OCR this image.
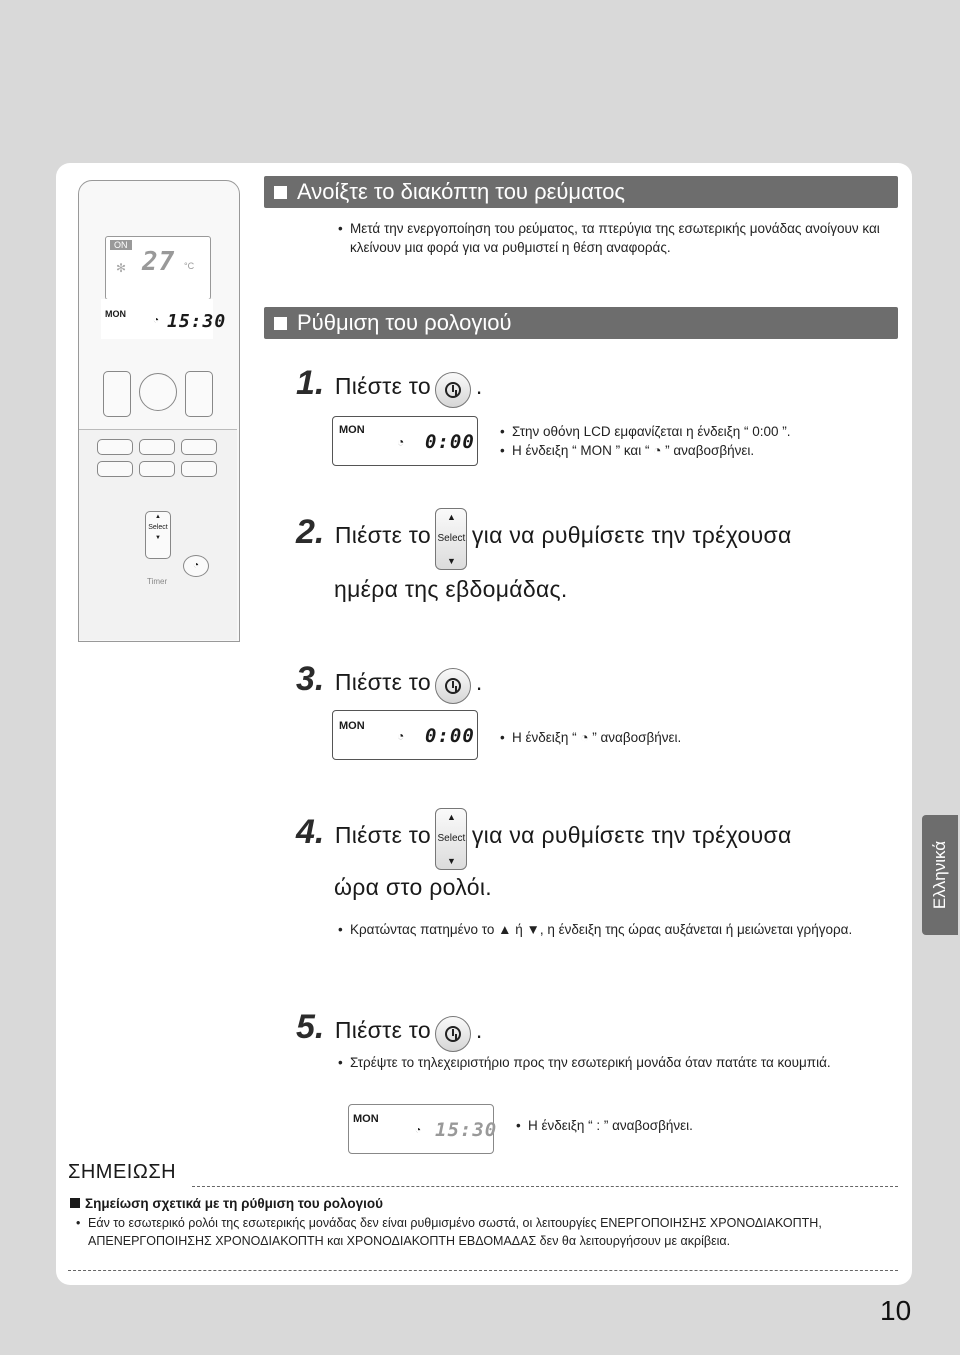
ON
27 °C
✻
MON
◔ 15:30
▲
Select
▼
◔
Timer
Ανοίξτε το διακόπτη του ρεύματος
• Μετά την ενεργοποίηση του ρεύματος, τα πτερύγια της εσωτερικής μονάδας ανοίγουν και κλείνουν μια φορά για να ρυθμιστεί η θέση αναφοράς.
Ρύθμιση του ρολογιού
1. Πιέστε το .
MON
◔ 0:00 • Στην οθόνη LCD εμφανίζεται η ένδειξη “ 0:00 ”.
• Η ένδειξη “ MON ” και “ ◔ ” αναβοσβήνει.
2. Πιέστε το
▲
Select
▼
για να ρυθμίσετε την τρέχουσα
ημέρα της εβδομάδας.
3. Πιέστε το .
MON
◔ 0:00 • Η ένδειξη “ ◔ ” αναβοσβήνει.
4. Πιέστε το
▲
Select
▼
για να ρυθμίσετε την τρέχουσα
ώρα στο ρολόι.
• Κρατώντας πατημένο το ▲ ή ▼, η ένδειξη της ώρας αυξάνεται ή μειώνεται γρήγορα.
Ελληνικά
5. Πιέστε το .
• Στρέψτε το τηλεχειριστήριο προς την εσωτερική μονάδα όταν πατάτε τα κουμπιά.
MON
◔ 15:30 • Η ένδειξη “ : ” αναβοσβήνει.
ΣΗΜΕΙΩΣΗ
Σημείωση σχετικά με τη ρύθμιση του ρολογιού
• Εάν το εσωτερικό ρολόι της εσωτερικής μονάδας δεν είναι ρυθμισμένο σωστά, οι λειτουργίες ΕΝΕΡΓΟΠΟΙΗΣΗΣ ΧΡΟΝΟΔΙΑΚΟΠΤΗ, ΑΠΕΝΕΡΓΟΠΟΙΗΣΗΣ ΧΡΟΝΟΔΙΑΚΟΠΤΗ και ΧΡΟΝΟΔΙΑΚΟΠΤΗ ΕΒΔΟΜΑΔΑΣ δεν θα λειτουργήσουν με ακρίβεια.
10
